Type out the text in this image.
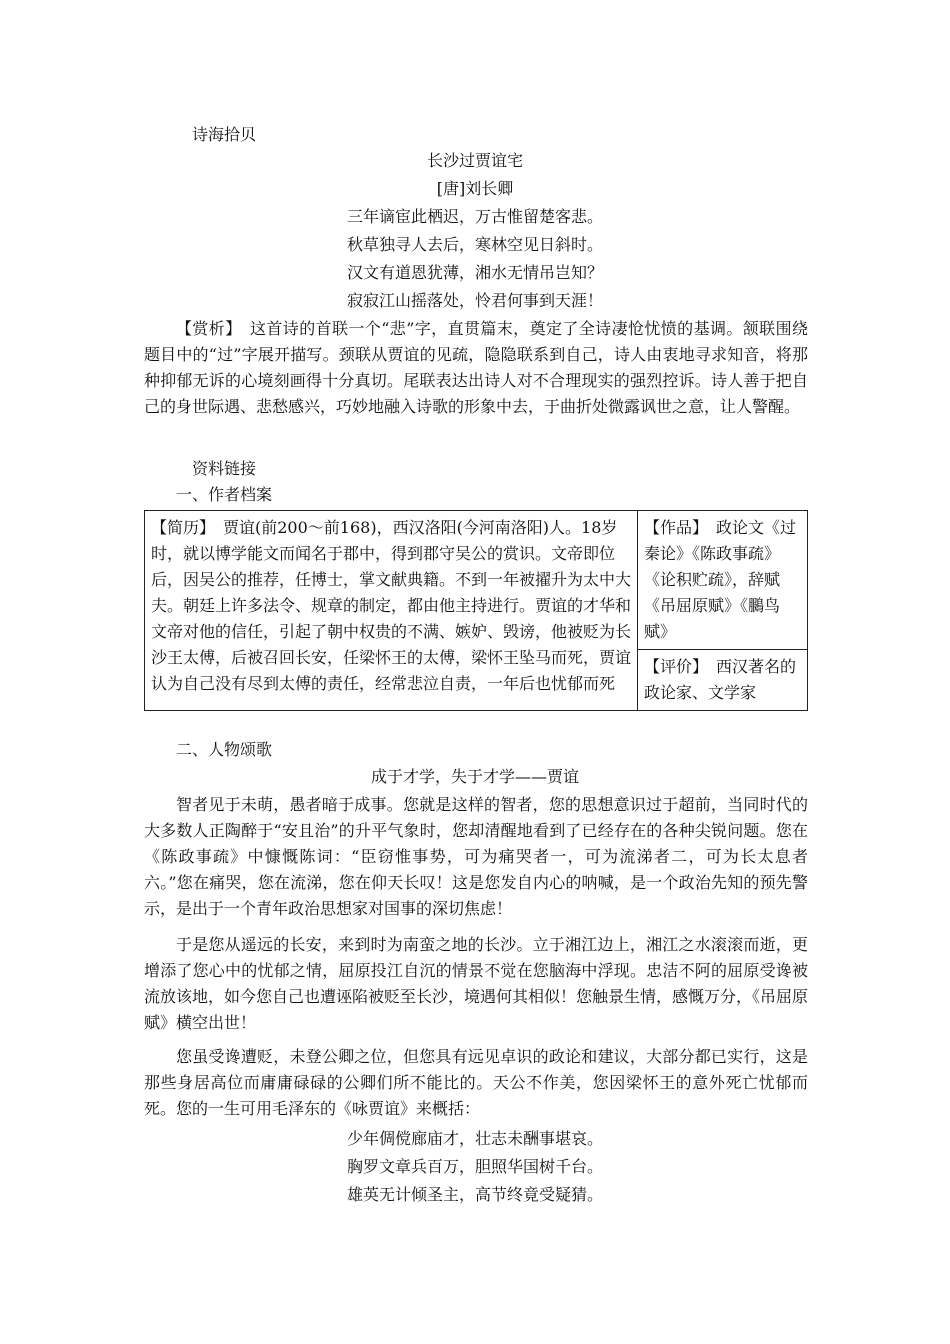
诗海拾贝
长沙过贾谊宅
[唐]刘长卿
三年谪宦此栖迟，万古惟留楚客悲。
秋草独寻人去后，寒林空见日斜时。
汉文有道恩犹薄，湘水无情吊岂知？
寂寂江山摇落处，怜君何事到天涯！
【赏析】　这首诗的首联一个“悲”字，直贯篇末，奠定了全诗凄怆忧愤的基调。颔联围绕题目中的“过”字展开描写。颈联从贾谊的见疏，隐隐联系到自己，诗人由衷地寻求知音，将那种抑郁无诉的心境刻画得十分真切。尾联表达出诗人对不合理现实的强烈控诉。诗人善于把自己的身世际遇、悲愁感兴，巧妙地融入诗歌的形象中去，于曲折处微露讽世之意，让人警醒。
资料链接
一、作者档案
【简历】　贾谊(前200～前168)，西汉洛阳(今河南洛阳)人。18岁时，就以博学能文而闻名于郡中，得到郡守吴公的赏识。文帝即位后，因吴公的推荐，任博士，掌文献典籍。不到一年被擢升为太中大夫。朝廷上许多法令、规章的制定，都由他主持进行。贾谊的才华和文帝对他的信任，引起了朝中权贵的不满、嫉妒、毁谤，他被贬为长沙王太傅，后被召回长安，任梁怀王的太傅，梁怀王坠马而死，贾谊认为自己没有尽到太傅的责任，经常悲泣自责，一年后也忧郁而死	【作品】　政论文《过秦论》《陈政事疏》《论积贮疏》，辞赋《吊屈原赋》《鵩鸟赋》
【评价】　西汉著名的政论家、文学家
二、人物颂歌
成于才学，失于才学——贾谊
智者见于未萌，愚者暗于成事。您就是这样的智者，您的思想意识过于超前，当同时代的大多数人正陶醉于“安且治”的升平气象时，您却清醒地看到了已经存在的各种尖锐问题。您在《陈政事疏》中慷慨陈词：“臣窃惟事势，可为痛哭者一，可为流涕者二，可为长太息者六。”您在痛哭，您在流涕，您在仰天长叹！这是您发自内心的呐喊，是一个政治先知的预先警示，是出于一个青年政治思想家对国事的深切焦虑！
于是您从遥远的长安，来到时为南蛮之地的长沙。立于湘江边上，湘江之水滚滚而逝，更增添了您心中的忧郁之情，屈原投江自沉的情景不觉在您脑海中浮现。忠洁不阿的屈原受谗被流放该地，如今您自己也遭诬陷被贬至长沙，境遇何其相似！您触景生情，感慨万分，《吊屈原赋》横空出世！
您虽受谗遭贬，未登公卿之位，但您具有远见卓识的政论和建议，大部分都已实行，这是那些身居高位而庸庸碌碌的公卿们所不能比的。天公不作美，您因梁怀王的意外死亡忧郁而死。您的一生可用毛泽东的《咏贾谊》来概括：
少年倜傥廊庙才，壮志未酬事堪哀。
胸罗文章兵百万，胆照华国树千台。
雄英无计倾圣主，高节终竟受疑猜。
